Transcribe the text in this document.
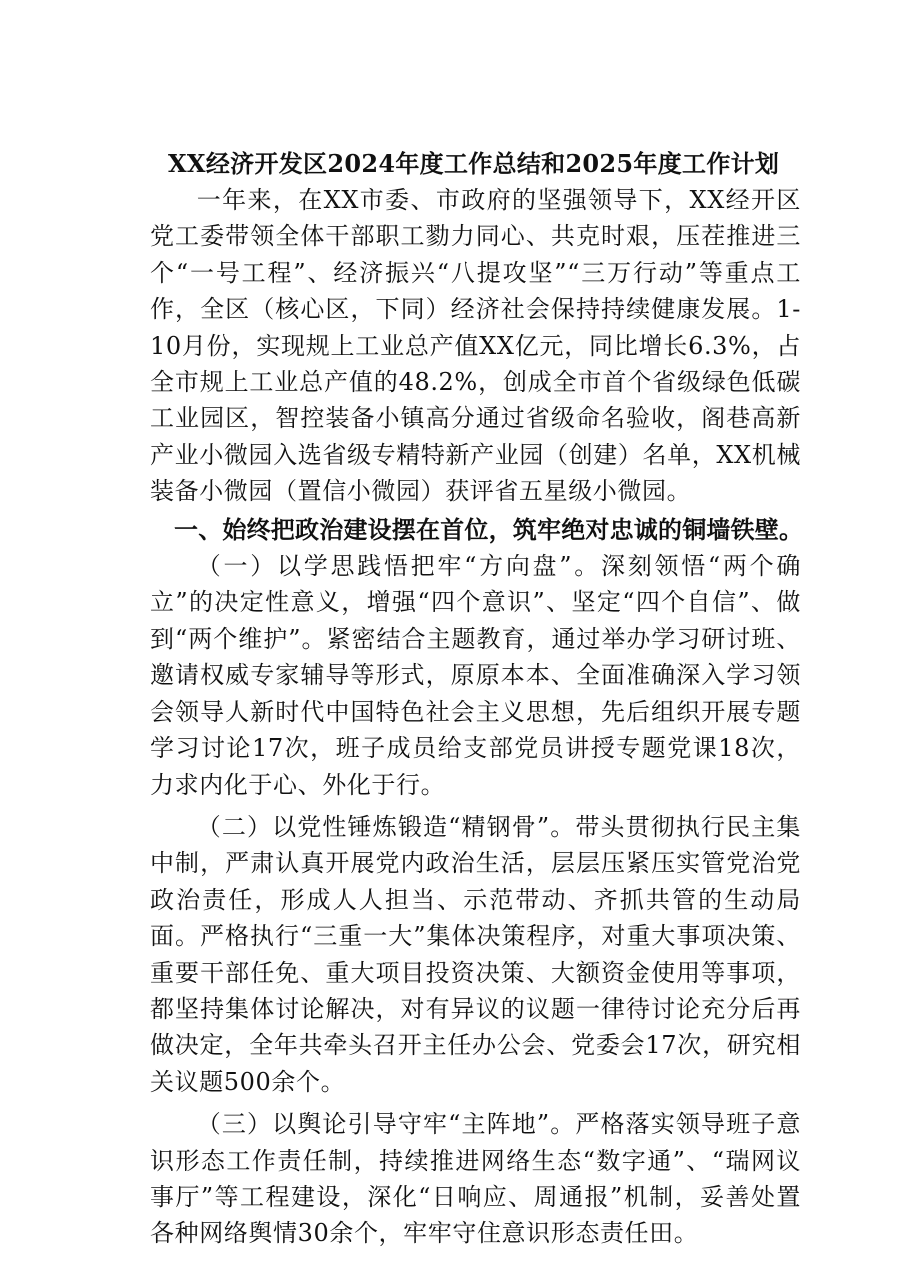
XX经济开发区2024年度工作总结和2025年度工作计划

一年来，在XX市委、市政府的坚强领导下，XX经开区党工委带领全体干部职工勠力同心、共克时艰，压茬推进三个“一号工程”、经济振兴“八提攻坚”“三万行动”等重点工作，全区（核心区，下同）经济社会保持持续健康发展。1-10月份，实现规上工业总产值XX亿元，同比增长6.3%，占全市规上工业总产值的48.2%，创成全市首个省级绿色低碳工业园区，智控装备小镇高分通过省级命名验收，阁巷高新产业小微园入选省级专精特新产业园（创建）名单，XX机械装备小微园（置信小微园）获评省五星级小微园。

一、始终把政治建设摆在首位，筑牢绝对忠诚的铜墙铁壁。

（一）以学思践悟把牢“方向盘”。深刻领悟“两个确立”的决定性意义，增强“四个意识”、坚定“四个自信”、做到“两个维护”。紧密结合主题教育，通过举办学习研讨班、邀请权威专家辅导等形式，原原本本、全面准确深入学习领会领导人新时代中国特色社会主义思想，先后组织开展专题学习讨论17次，班子成员给支部党员讲授专题党课18次，力求内化于心、外化于行。

（二）以党性锤炼锻造“精钢骨”。带头贯彻执行民主集中制，严肃认真开展党内政治生活，层层压紧压实管党治党政治责任，形成人人担当、示范带动、齐抓共管的生动局面。严格执行“三重一大”集体决策程序，对重大事项决策、重要干部任免、重大项目投资决策、大额资金使用等事项，都坚持集体讨论解决，对有异议的议题一律待讨论充分后再做决定，全年共牵头召开主任办公会、党委会17次，研究相关议题500余个。

（三）以舆论引导守牢“主阵地”。严格落实领导班子意识形态工作责任制，持续推进网络生态“数字通”、“瑞网议事厅”等工程建设，深化“日响应、周通报”机制，妥善处置各种网络舆情30余个，牢牢守住意识形态责任田。
